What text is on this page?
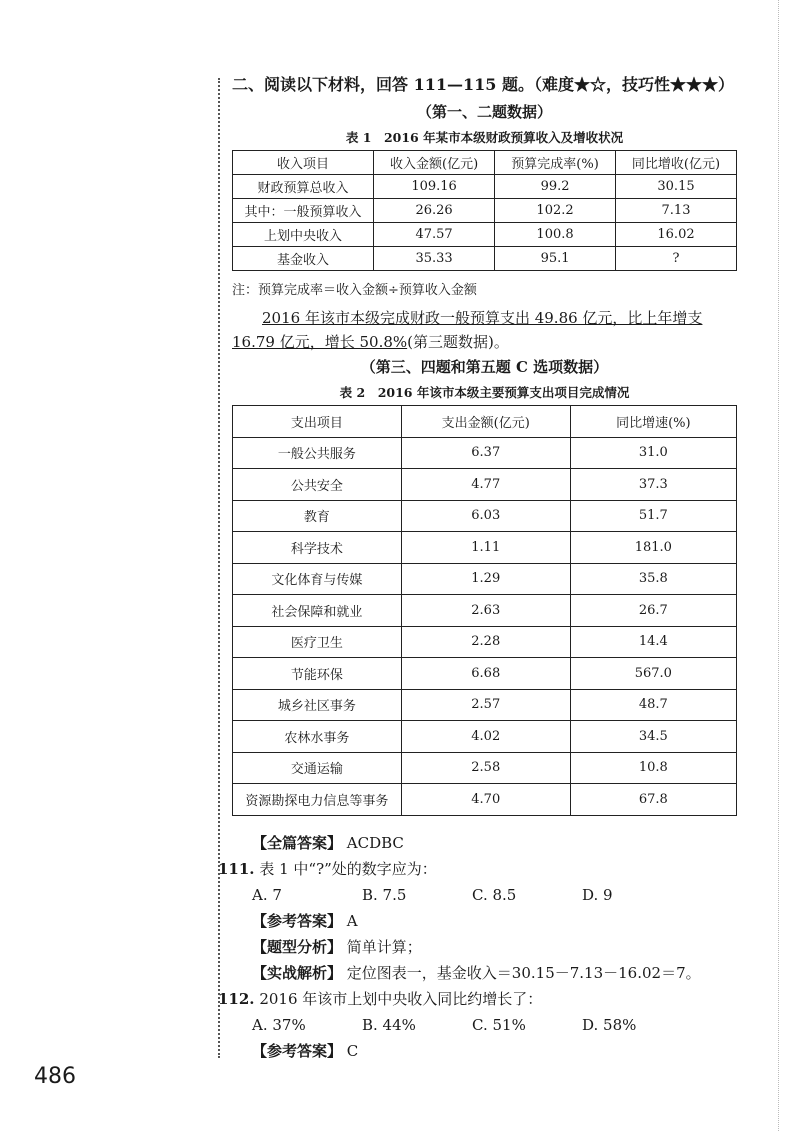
二、阅读以下材料，回答 111—115 题。（难度★☆，技巧性★★★）
（第一、二题数据）
表 1　2016 年某市本级财政预算收入及增收状况
收入项目	收入金额(亿元)	预算完成率(%)	同比增收(亿元)
财政预算总收入	109.16	99.2	30.15
其中：一般预算收入	26.26	102.2	7.13
上划中央收入	47.57	100.8	16.02
基金收入	35.33	95.1	?
注：预算完成率＝收入金额÷预算收入金额

2016 年该市本级完成财政一般预算支出 49.86 亿元，比上年增支 16.79 亿元，增长 50.8%(第三题数据)。

（第三、四题和第五题 C 选项数据）
表 2　2016 年该市本级主要预算支出项目完成情况
支出项目	支出金额(亿元)	同比增速(%)
一般公共服务	6.37	31.0
公共安全	4.77	37.3
教育	6.03	51.7
科学技术	1.11	181.0
文化体育与传媒	1.29	35.8
社会保障和就业	2.63	26.7
医疗卫生	2.28	14.4
节能环保	6.68	567.0
城乡社区事务	2.57	48.7
农林水事务	4.02	34.5
交通运输	2.58	10.8
资源勘探电力信息等事务	4.70	67.8

【全篇答案】 ACDBC

111. 表 1 中“?”处的数字应为：

A. 7	B. 7.5	C. 8.5	D. 9

【参考答案】 A

【题型分析】 简单计算；

【实战解析】 定位图表一，基金收入＝30.15－7.13－16.02＝7。

112. 2016 年该市上划中央收入同比约增长了：

A. 37%	B. 44%	C. 51%	D. 58%

【参考答案】 C

486
